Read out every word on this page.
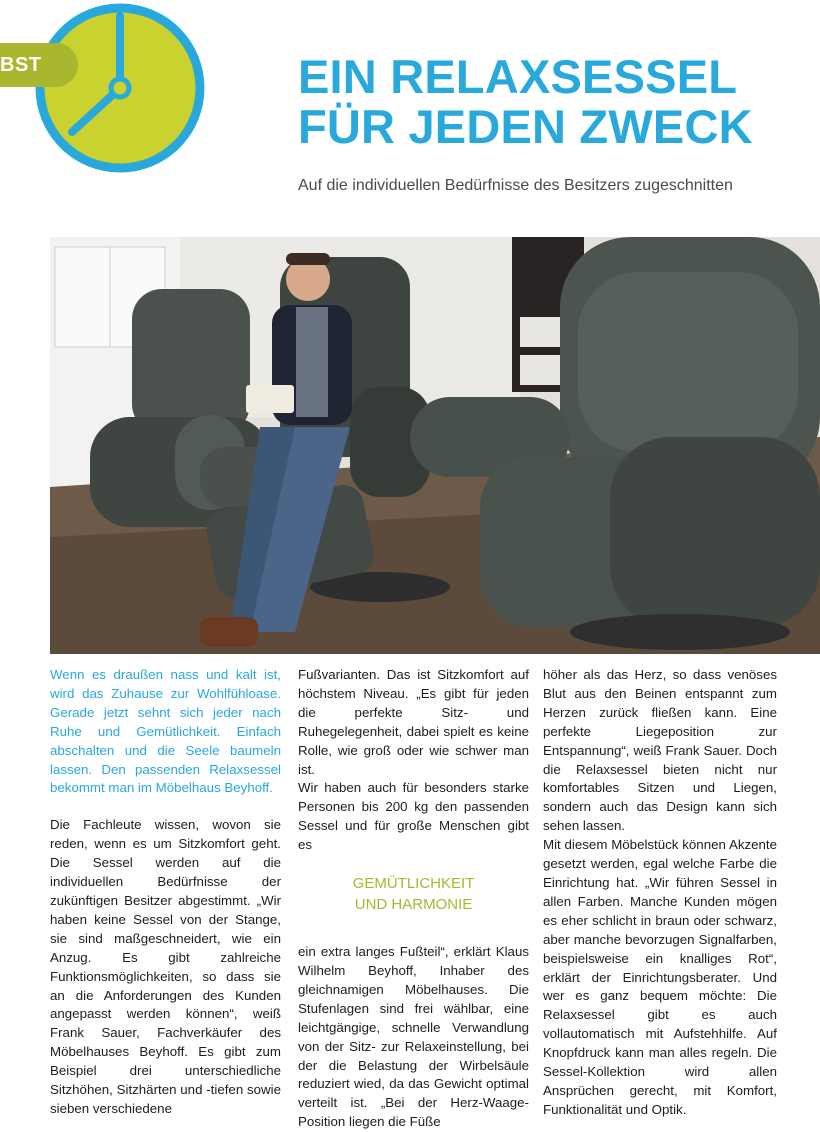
BST	EIN RELAXSESSEL
FÜR JEDEN ZWECK
Auf die individuellen Bedürfnisse des Besitzers zugeschnitten

Wenn es draußen nass und kalt ist, wird das Zuhause zur Wohlfühloase. Gerade jetzt sehnt sich jeder nach Ruhe und Gemütlichkeit. Einfach abschalten und die Seele baumeln lassen. Den passenden Relaxsessel bekommt man im Möbelhaus Beyhoff.

Die Fachleute wissen, wovon sie reden, wenn es um Sitzkomfort geht. Die Sessel werden auf die individuellen Bedürfnisse der zukünftigen Besitzer abgestimmt. „Wir haben keine Sessel von der Stange, sie sind maßgeschneidert, wie ein Anzug. Es gibt zahlreiche Funktionsmöglichkeiten, so dass sie an die Anforderungen des Kunden angepasst werden können“, weiß Frank Sauer, Fachverkäufer des Möbelhauses Beyhoff. Es gibt zum Beispiel drei unterschiedliche Sitzhöhen, Sitzhärten und -tiefen sowie sieben verschiedene

Fußvarianten. Das ist Sitzkomfort auf höchstem Niveau. „Es gibt für jeden die perfekte Sitz- und Ruhegelegenheit, dabei spielt es keine Rolle, wie groß oder wie schwer man ist.

Wir haben auch für besonders starke Personen bis 200 kg den passenden Sessel und für große Menschen gibt es

GEMÜTLICHKEIT
UND HARMONIE

ein extra langes Fußteil“, erklärt Klaus Wilhelm Beyhoff, Inhaber des gleichnamigen Möbelhauses. Die Stufenlagen sind frei wählbar, eine leichtgängige, schnelle Verwandlung von der Sitz- zur Relaxeinstellung, bei der die Belastung der Wirbelsäule reduziert wied, da das Gewicht optimal verteilt ist. „Bei der Herz-Waage-Position liegen die Füße

höher als das Herz, so dass venöses Blut aus den Beinen entspannt zum Herzen zurück fließen kann. Eine perfekte Liegeposition zur Entspannung“, weiß Frank Sauer. Doch die Relaxsessel bieten nicht nur komfortables Sitzen und Liegen, sondern auch das Design kann sich sehen lassen.

Mit diesem Möbelstück können Akzente gesetzt werden, egal welche Farbe die Einrichtung hat. „Wir führen Sessel in allen Farben. Manche Kunden mögen es eher schlicht in braun oder schwarz, aber manche bevorzugen Signalfarben, beispielsweise ein knalliges Rot“, erklärt der Einrichtungsberater. Und wer es ganz bequem möchte: Die Relaxsessel gibt es auch vollautomatisch mit Aufstehhilfe. Auf Knopfdruck kann man alles regeln. Die Sessel-Kollektion wird allen Ansprüchen gerecht, mit Komfort, Funktionalität und Optik.
